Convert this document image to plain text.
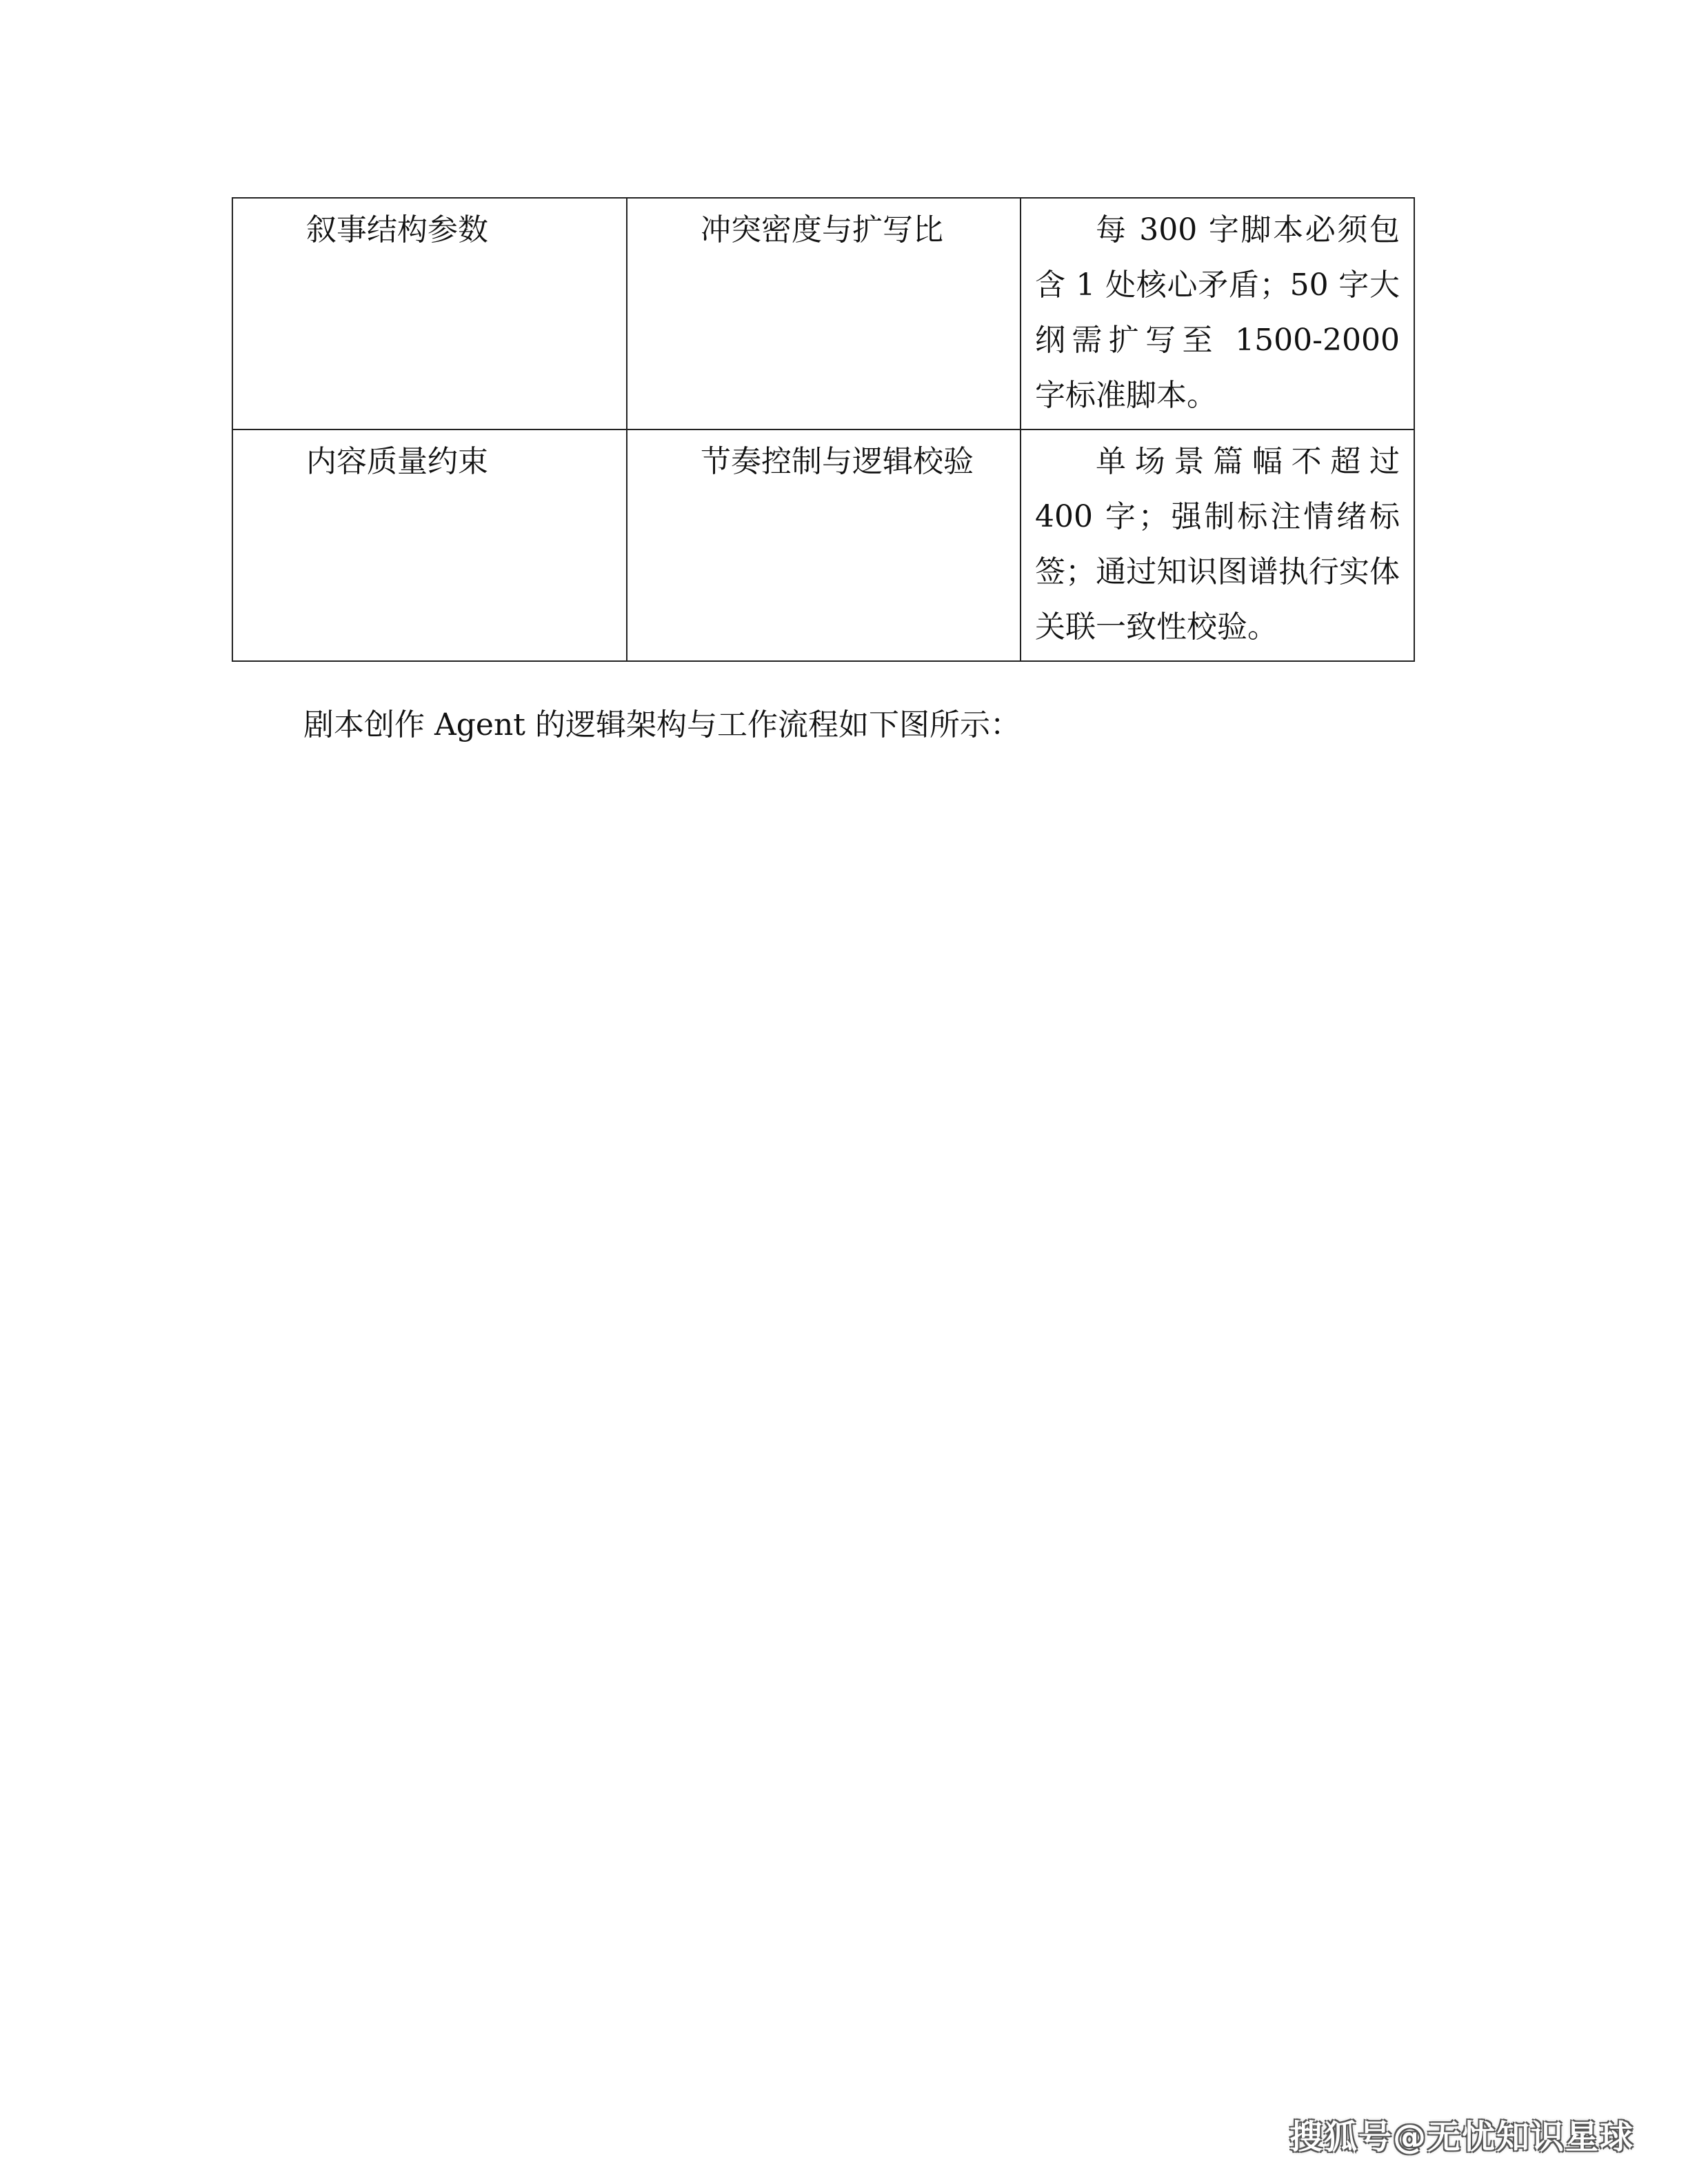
叙事结构参数	冲突密度与扩写比	每 300 字脚本必须包含 1 处核心矛盾；50 字大纲需扩写至 1500-2000 字标准脚本。

内容质量约束	节奏控制与逻辑校验	单场景篇幅不超过 400 字；强制标注情绪标签；通过知识图谱执行实体关联一致性校验。
剧本创作 Agent 的逻辑架构与工作流程如下图所示：
搜狐号@无忧知识星球
